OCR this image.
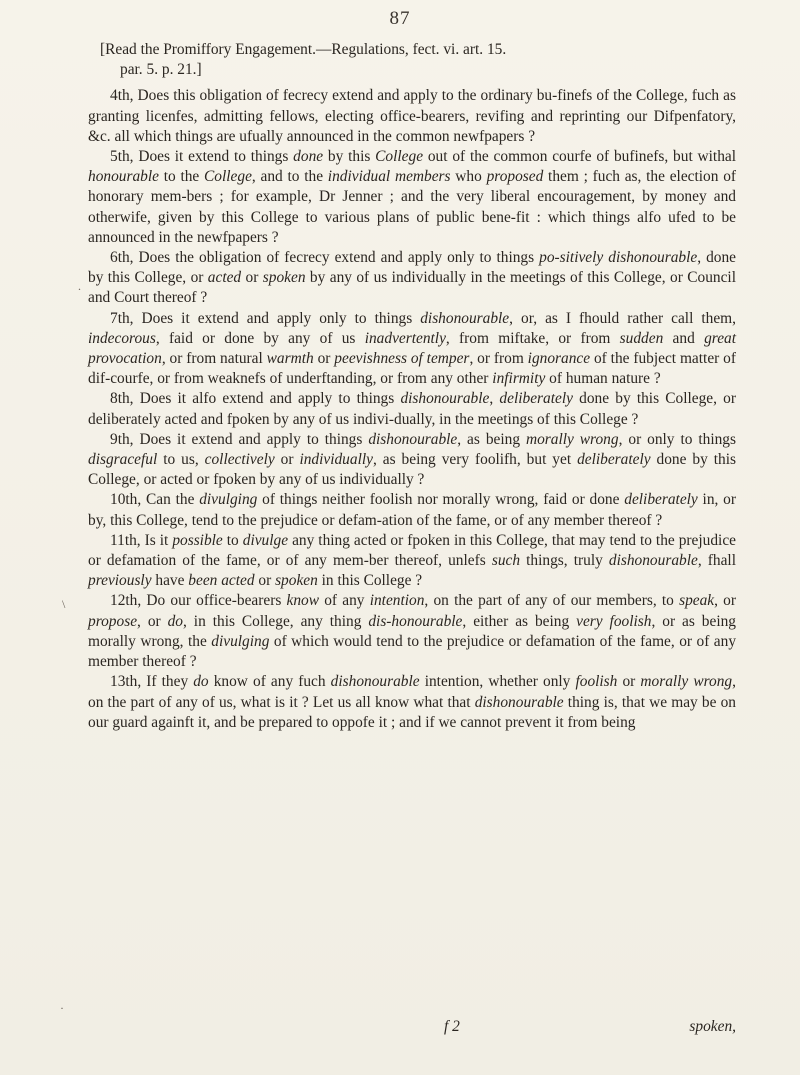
87
[Read the Promiffory Engagement.—Regulations, fect. vi. art. 15.
par. 5. p. 21.]

4th, Does this obligation of fecrecy extend and apply to the ordinary bu-finefs of the College, fuch as granting licenfes, admitting fellows, electing office-bearers, revifing and reprinting our Difpenfatory, &c. all which things are ufually announced in the common newfpapers ?

5th, Does it extend to things done by this College out of the common courfe of bufinefs, but withal honourable to the College, and to the individual members who proposed them ; fuch as, the election of honorary mem-bers ; for example, Dr Jenner ; and the very liberal encouragement, by money and otherwife, given by this College to various plans of public bene-fit : which things alfo ufed to be announced in the newfpapers ?

6th, Does the obligation of fecrecy extend and apply only to things po-sitively dishonourable, done by this College, or acted or spoken by any of us individually in the meetings of this College, or Council and Court thereof ?

7th, Does it extend and apply only to things dishonourable, or, as I fhould rather call them, indecorous, faid or done by any of us inadvertently, from miftake, or from sudden and great provocation, or from natural warmth or peevishness of temper, or from ignorance of the fubject matter of dif-courfe, or from weaknefs of underftanding, or from any other infirmity of human nature ?

8th, Does it alfo extend and apply to things dishonourable, deliberately done by this College, or deliberately acted and fpoken by any of us indivi-dually, in the meetings of this College ?

9th, Does it extend and apply to things dishonourable, as being morally wrong, or only to things disgraceful to us, collectively or individually, as being very foolifh, but yet deliberately done by this College, or acted or fpoken by any of us individually ?

10th, Can the divulging of things neither foolish nor morally wrong, faid or done deliberately in, or by, this College, tend to the prejudice or defam-ation of the fame, or of any member thereof ?

11th, Is it possible to divulge any thing acted or fpoken in this College, that may tend to the prejudice or defamation of the fame, or of any mem-ber thereof, unlefs such things, truly dishonourable, fhall previously have been acted or spoken in this College ?

12th, Do our office-bearers know of any intention, on the part of any of our members, to speak, or propose, or do, in this College, any thing dis-honourable, either as being very foolish, or as being morally wrong, the divulging of which would tend to the prejudice or defamation of the fame, or of any member thereof ?

13th, If they do know of any fuch dishonourable intention, whether only foolish or morally wrong, on the part of any of us, what is it ? Let us all know what that dishonourable thing is, that we may be on our guard againft it, and be prepared to oppofe it ; and if we cannot prevent it from being

f 2	spoken,
.
\
·
